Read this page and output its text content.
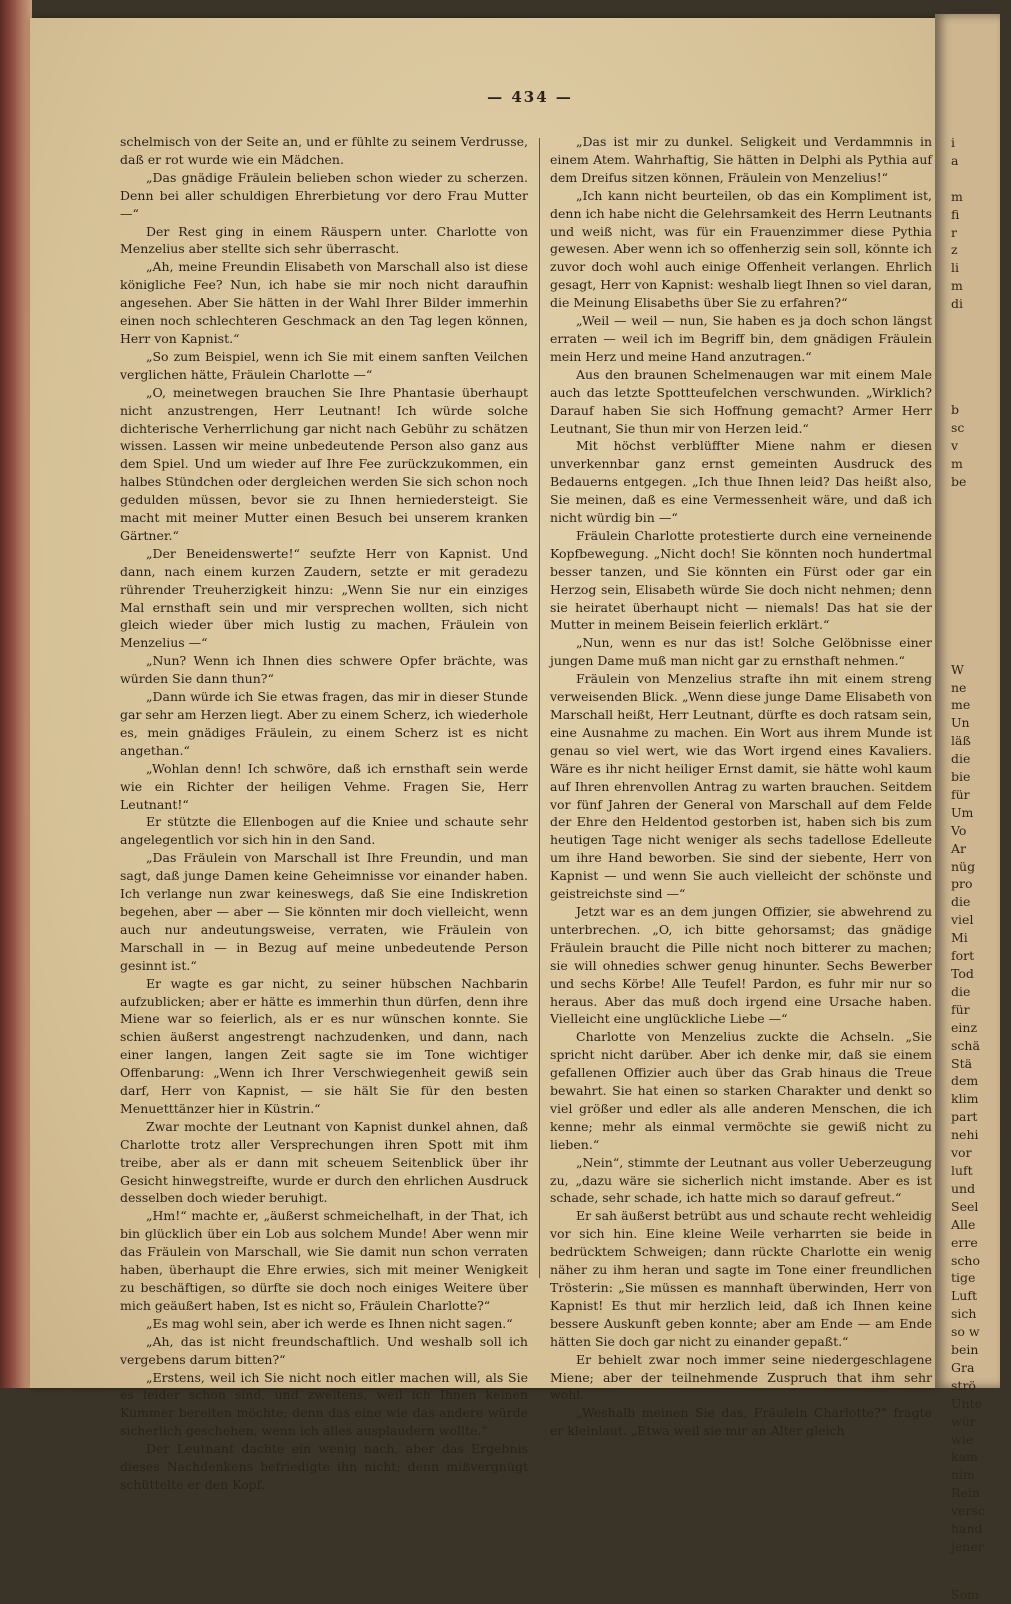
— 434 —

schelmisch von der Seite an, und er fühlte zu seinem Verdrusse, daß er rot wurde wie ein Mädchen.

„Das gnädige Fräulein belieben schon wieder zu scherzen. Denn bei aller schuldigen Ehrerbietung vor dero Frau Mutter —“

Der Rest ging in einem Räuspern unter. Charlotte von Menzelius aber stellte sich sehr überrascht.

„Ah, meine Freundin Elisabeth von Marschall also ist diese königliche Fee? Nun, ich habe sie mir noch nicht daraufhin angesehen. Aber Sie hätten in der Wahl Ihrer Bilder immerhin einen noch schlechteren Geschmack an den Tag legen können, Herr von Kapnist.“

„So zum Beispiel, wenn ich Sie mit einem sanften Veilchen verglichen hätte, Fräulein Charlotte —“

„O, meinetwegen brauchen Sie Ihre Phantasie überhaupt nicht anzustrengen, Herr Leutnant! Ich würde solche dichterische Verherrlichung gar nicht nach Gebühr zu schätzen wissen. Lassen wir meine unbedeutende Person also ganz aus dem Spiel. Und um wieder auf Ihre Fee zurückzukommen, ein halbes Stündchen oder dergleichen werden Sie sich schon noch gedulden müssen, bevor sie zu Ihnen herniedersteigt. Sie macht mit meiner Mutter einen Besuch bei unserem kranken Gärtner.“

„Der Beneidenswerte!“ seufzte Herr von Kapnist. Und dann, nach einem kurzen Zaudern, setzte er mit geradezu rührender Treuherzigkeit hinzu: „Wenn Sie nur ein einziges Mal ernsthaft sein und mir versprechen wollten, sich nicht gleich wieder über mich lustig zu machen, Fräulein von Menzelius —“

„Nun? Wenn ich Ihnen dies schwere Opfer brächte, was würden Sie dann thun?“

„Dann würde ich Sie etwas fragen, das mir in dieser Stunde gar sehr am Herzen liegt. Aber zu einem Scherz, ich wiederhole es, mein gnädiges Fräulein, zu einem Scherz ist es nicht angethan.“

„Wohlan denn! Ich schwöre, daß ich ernsthaft sein werde wie ein Richter der heiligen Vehme. Fragen Sie, Herr Leutnant!“

Er stützte die Ellenbogen auf die Kniee und schaute sehr angelegentlich vor sich hin in den Sand.

„Das Fräulein von Marschall ist Ihre Freundin, und man sagt, daß junge Damen keine Geheimnisse vor einander haben. Ich verlange nun zwar keineswegs, daß Sie eine Indiskretion begehen, aber — aber — Sie könnten mir doch vielleicht, wenn auch nur andeutungsweise, verraten, wie Fräulein von Marschall in — in Bezug auf meine unbedeutende Person gesinnt ist.“

Er wagte es gar nicht, zu seiner hübschen Nachbarin aufzublicken; aber er hätte es immerhin thun dürfen, denn ihre Miene war so feierlich, als er es nur wünschen konnte. Sie schien äußerst angestrengt nachzudenken, und dann, nach einer langen, langen Zeit sagte sie im Tone wichtiger Offenbarung: „Wenn ich Ihrer Verschwiegenheit gewiß sein darf, Herr von Kapnist, — sie hält Sie für den besten Menuetttänzer hier in Küstrin.“

Zwar mochte der Leutnant von Kapnist dunkel ahnen, daß Charlotte trotz aller Versprechungen ihren Spott mit ihm treibe, aber als er dann mit scheuem Seitenblick über ihr Gesicht hinwegstreifte, wurde er durch den ehrlichen Ausdruck desselben doch wieder beruhigt.

„Hm!“ machte er, „äußerst schmeichelhaft, in der That, ich bin glücklich über ein Lob aus solchem Munde! Aber wenn mir das Fräulein von Marschall, wie Sie damit nun schon verraten haben, überhaupt die Ehre erwies, sich mit meiner Wenigkeit zu beschäftigen, so dürfte sie doch noch einiges Weitere über mich geäußert haben, Ist es nicht so, Fräulein Charlotte?“

„Es mag wohl sein, aber ich werde es Ihnen nicht sagen.“

„Ah, das ist nicht freundschaftlich. Und weshalb soll ich vergebens darum bitten?“

„Erstens, weil ich Sie nicht noch eitler machen will, als Sie es leider schon sind, und zweitens, weil ich Ihnen keinen Kummer bereiten möchte; denn das eine wie das andere würde sicherlich geschehen, wenn ich alles ausplaudern wollte.“

Der Leutnant dachte ein wenig nach, aber das Ergebnis dieses Nachdenkens befriedigte ihn nicht; denn mißvergnügt schüttelte er den Kopf.

„Das ist mir zu dunkel. Seligkeit und Verdammnis in einem Atem. Wahrhaftig, Sie hätten in Delphi als Pythia auf dem Dreifus sitzen können, Fräulein von Menzelius!“

„Ich kann nicht beurteilen, ob das ein Kompliment ist, denn ich habe nicht die Gelehrsamkeit des Herrn Leutnants und weiß nicht, was für ein Frauenzimmer diese Pythia gewesen. Aber wenn ich so offenherzig sein soll, könnte ich zuvor doch wohl auch einige Offenheit verlangen. Ehrlich gesagt, Herr von Kapnist: weshalb liegt Ihnen so viel daran, die Meinung Elisabeths über Sie zu erfahren?“

„Weil — weil — nun, Sie haben es ja doch schon längst erraten — weil ich im Begriff bin, dem gnädigen Fräulein mein Herz und meine Hand anzutragen.“

Aus den braunen Schelmenaugen war mit einem Male auch das letzte Spottteufelchen verschwunden. „Wirklich? Darauf haben Sie sich Hoffnung gemacht? Armer Herr Leutnant, Sie thun mir von Herzen leid.“

Mit höchst verblüffter Miene nahm er diesen unverkennbar ganz ernst gemeinten Ausdruck des Bedauerns entgegen. „Ich thue Ihnen leid? Das heißt also, Sie meinen, daß es eine Vermessenheit wäre, und daß ich nicht würdig bin —“

Fräulein Charlotte protestierte durch eine verneinende Kopfbewegung. „Nicht doch! Sie könnten noch hundertmal besser tanzen, und Sie könnten ein Fürst oder gar ein Herzog sein, Elisabeth würde Sie doch nicht nehmen; denn sie heiratet überhaupt nicht — niemals! Das hat sie der Mutter in meinem Beisein feierlich erklärt.“

„Nun, wenn es nur das ist! Solche Gelöbnisse einer jungen Dame muß man nicht gar zu ernsthaft nehmen.“

Fräulein von Menzelius strafte ihn mit einem streng verweisenden Blick. „Wenn diese junge Dame Elisabeth von Marschall heißt, Herr Leutnant, dürfte es doch ratsam sein, eine Ausnahme zu machen. Ein Wort aus ihrem Munde ist genau so viel wert, wie das Wort irgend eines Kavaliers. Wäre es ihr nicht heiliger Ernst damit, sie hätte wohl kaum auf Ihren ehrenvollen Antrag zu warten brauchen. Seitdem vor fünf Jahren der General von Marschall auf dem Felde der Ehre den Heldentod gestorben ist, haben sich bis zum heutigen Tage nicht weniger als sechs tadellose Edelleute um ihre Hand beworben. Sie sind der siebente, Herr von Kapnist — und wenn Sie auch vielleicht der schönste und geistreichste sind —“

Jetzt war es an dem jungen Offizier, sie abwehrend zu unterbrechen. „O, ich bitte gehorsamst; das gnädige Fräulein braucht die Pille nicht noch bitterer zu machen; sie will ohnedies schwer genug hinunter. Sechs Bewerber und sechs Körbe! Alle Teufel! Pardon, es fuhr mir nur so heraus. Aber das muß doch irgend eine Ursache haben. Vielleicht eine unglückliche Liebe —“

Charlotte von Menzelius zuckte die Achseln. „Sie spricht nicht darüber. Aber ich denke mir, daß sie einem gefallenen Offizier auch über das Grab hinaus die Treue bewahrt. Sie hat einen so starken Charakter und denkt so viel größer und edler als alle anderen Menschen, die ich kenne; mehr als einmal vermöchte sie gewiß nicht zu lieben.“

„Nein“, stimmte der Leutnant aus voller Ueberzeugung zu, „dazu wäre sie sicherlich nicht imstande. Aber es ist schade, sehr schade, ich hatte mich so darauf gefreut.“

Er sah äußerst betrübt aus und schaute recht wehleidig vor sich hin. Eine kleine Weile verharrten sie beide in bedrücktem Schweigen; dann rückte Charlotte ein wenig näher zu ihm heran und sagte im Tone einer freundlichen Trösterin: „Sie müssen es mannhaft überwinden, Herr von Kapnist! Es thut mir herzlich leid, daß ich Ihnen keine bessere Auskunft geben konnte; aber am Ende — am Ende hätten Sie doch gar nicht zu einander gepaßt.“

Er behielt zwar noch immer seine niedergeschlagene Miene; aber der teilnehmende Zuspruch that ihm sehr wohl.

„Weshalb meinen Sie das, Fräulein Charlotte?“ fragte er kleinlaut. „Etwa weil sie mir an Alter gleich

i
a

m
fi
r
z
li
m
di
b
sc
v
m
be
W
ne
me
Un
läß
die
bie
für
Um
Vo
Ar
nüg
pro
die
viel
Mi
fort
Tod
die
für
einz
schä
Stä
dem
klim
part
nehi
vor
luft
und
Seel
Alle
erre
scho
tige
Luft
sich
so w
bein
Gra
strö
Unte
wür
wie
kam
nim
Rein
versc
hand
jener
Som
